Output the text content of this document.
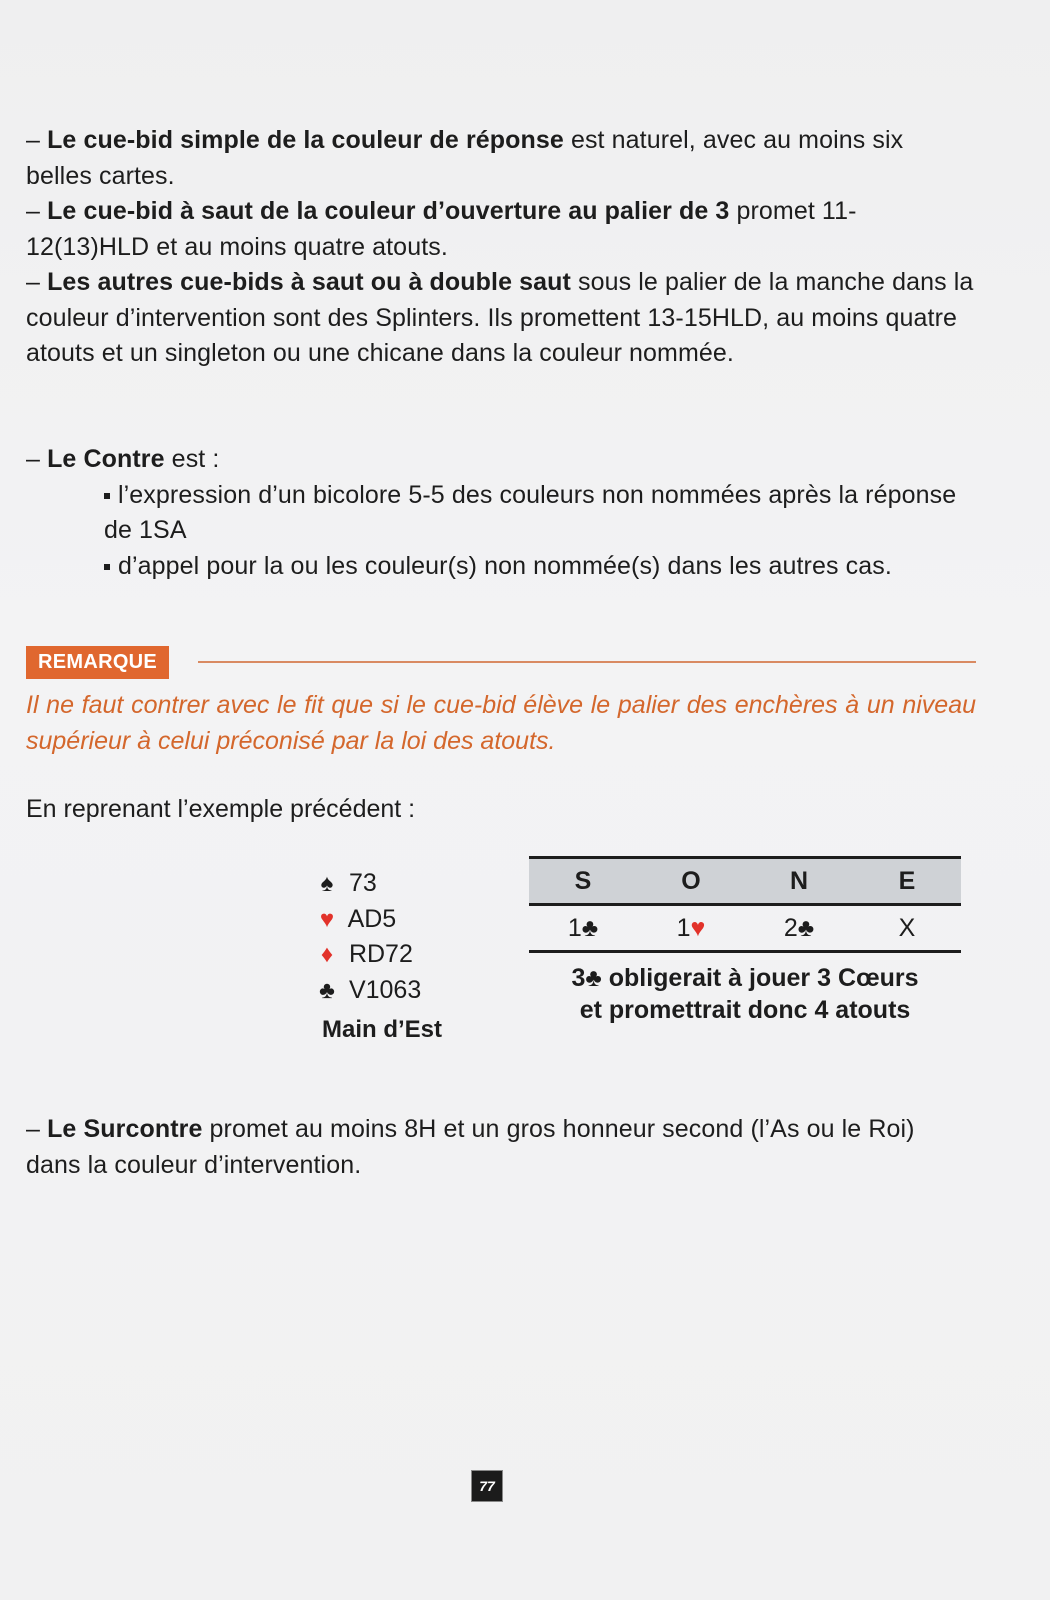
– Le cue-bid simple de la couleur de réponse est naturel, avec au moins six belles cartes.

– Le cue-bid à saut de la couleur d’ouverture au palier de 3 promet 11-12(13)HLD et au moins quatre atouts.

– Les autres cue-bids à saut ou à double saut sous le palier de la manche dans la couleur d’intervention sont des Splinters. Ils promettent 13-15HLD, au moins quatre atouts et un singleton ou une chicane dans la couleur nommée.

– Le Contre est :

l’expression d’un bicolore 5-5 des couleurs non nommées après la réponse de 1SA

d’appel pour la ou les couleur(s) non nommée(s) dans les autres cas.

REMARQUE
Il ne faut contrer avec le fit que si le cue-bid élève le palier des enchères à un niveau supérieur à celui préconisé par la loi des atouts.
En reprenant l’exemple précédent :
♠ 73
♥ AD5
♦ RD72
♣ V1063
Main d’Est
S	O	N	E
1♣	1♥	2♣	X
3♣ obligerait à jouer 3 Cœurs
et promettrait donc 4 atouts

– Le Surcontre promet au moins 8H et un gros honneur second (l’As ou le Roi) dans la couleur d’intervention.

77
